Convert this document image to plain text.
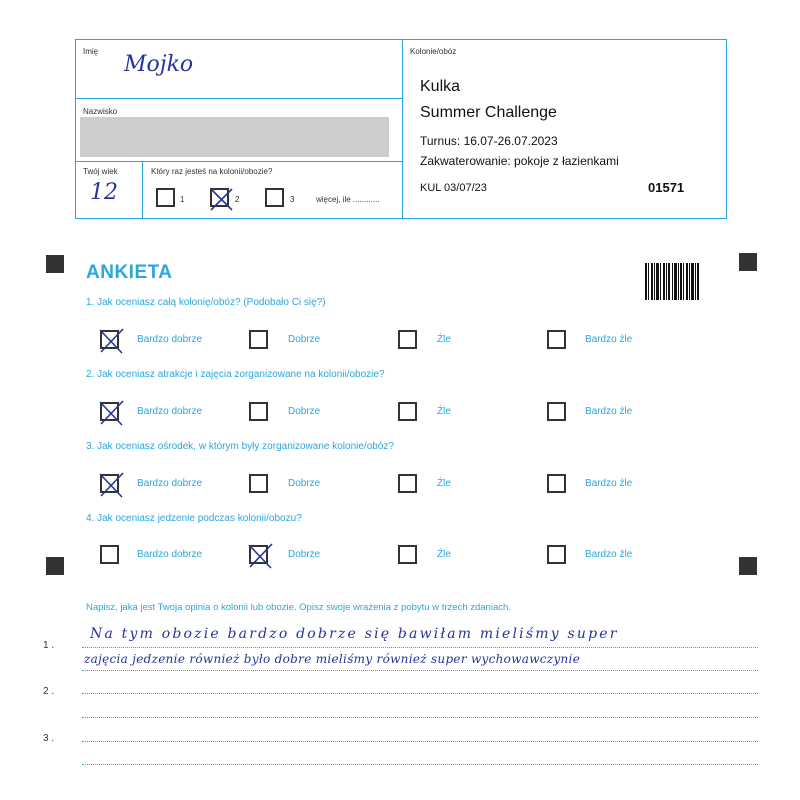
Imię
Mojko
Nazwisko
Twój wiek
12
Który raz jesteś na kolonii/obozie?
1	2	3	więcej, ile ............
Kolonie/obóz
Kulka
Summer Challenge
Turnus: 16.07-26.07.2023
Zakwaterowanie: pokoje z łazienkami
KUL 03/07/23	01571
ANKIETA
1. Jak oceniasz całą kolonię/obóz? (Podobało Ci się?)
2. Jak oceniasz atrakcje i zajęcia zorganizowane na kolonii/obozie?
3. Jak oceniasz ośrodek, w którym były zorganizowane kolonie/obóz?
4. Jak oceniasz jedzenie podczas kolonii/obozu?
Bardzo dobrze	Dobrze	Źle	Bardzo źle
Bardzo dobrze	Dobrze	Źle	Bardzo źle
Bardzo dobrze	Dobrze	Źle	Bardzo źle
Bardzo dobrze	Dobrze	Źle	Bardzo źle
Napisz, jaka jest Twoja opinia o kolonii lub obozie. Opisz swoje wrażenia z pobytu w trzech zdaniach.
1 .
2 .
3 .
Na tym obozie bardzo dobrze się bawiłam mieliśmy super
zajęcia jedzenie również było dobre mieliśmy również super wychowawczynie
